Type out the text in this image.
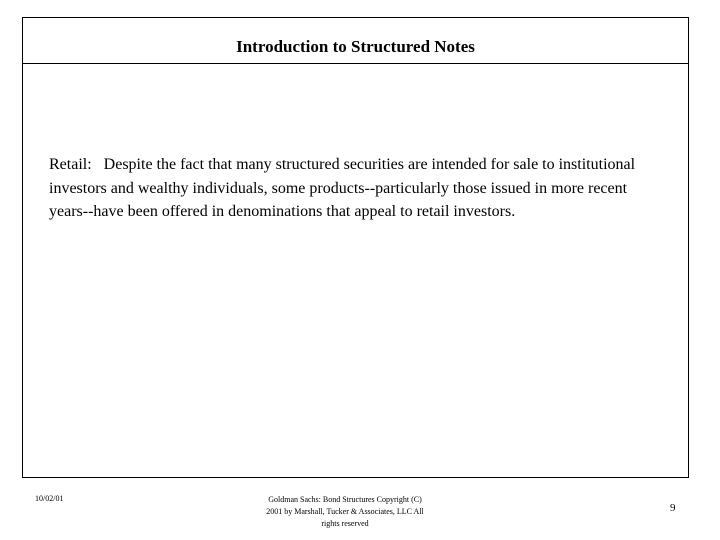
Introduction to Structured Notes
Retail: Despite the fact that many structured securities are intended for sale to institutional investors and wealthy individuals, some products--particularly those issued in more recent years--have been offered in denominations that appeal to retail investors.
10/02/01	Goldman Sachs: Bond Structures Copyright (C)
2001 by Marshall, Tucker & Associates, LLC All
rights reserved
9
